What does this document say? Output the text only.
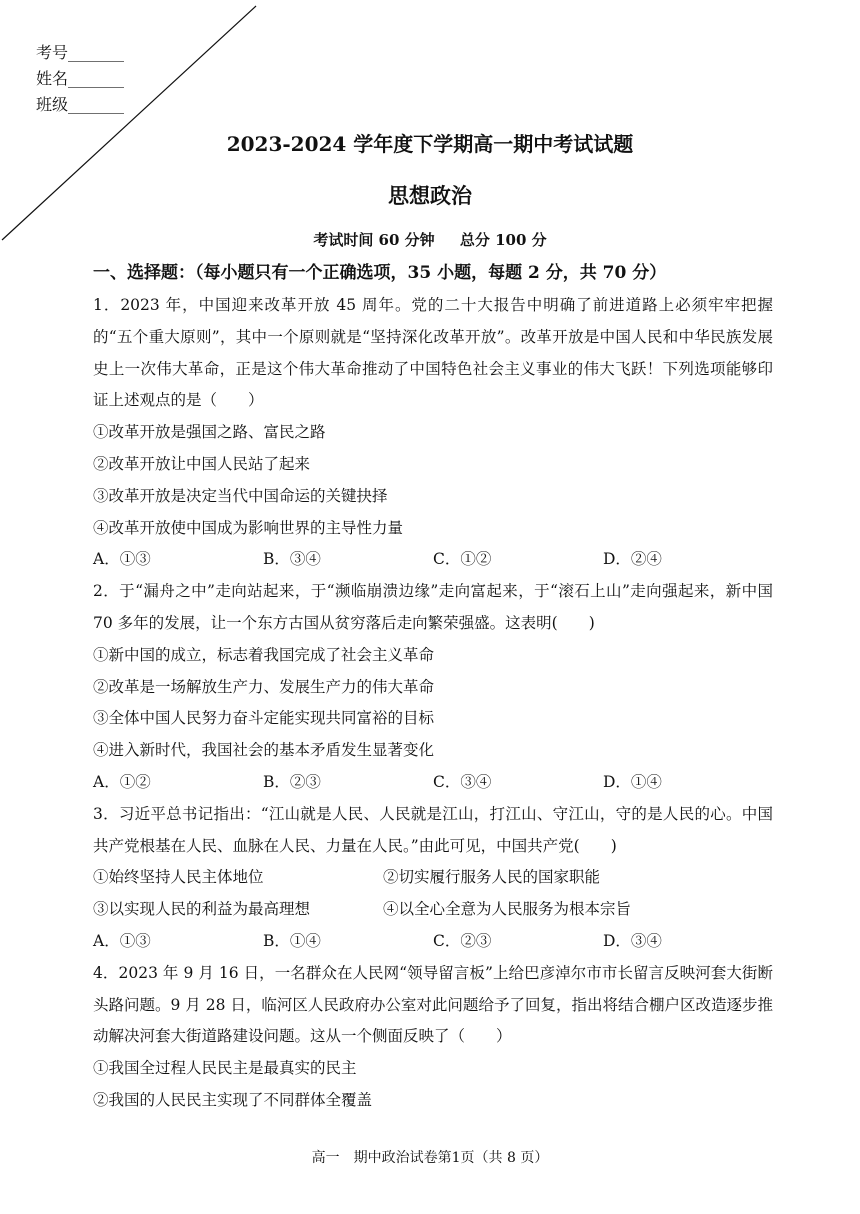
考号_______
姓名_______
班级_______
2023-2024 学年度下学期高一期中考试试题
思想政治
考试时间 60 分钟 总分 100 分
一、选择题：（每小题只有一个正确选项，35 小题，每题 2 分，共 70 分）

1．2023 年，中国迎来改革开放 45 周年。党的二十大报告中明确了前进道路上必须牢牢把握的“五个重大原则”，其中一个原则就是“坚持深化改革开放”。改革开放是中国人民和中华民族发展史上一次伟大革命，正是这个伟大革命推动了中国特色社会主义事业的伟大飞跃！下列选项能够印证上述观点的是（　　）

①改革开放是强国之路、富民之路

②改革开放让中国人民站了起来

③改革开放是决定当代中国命运的关键抉择

④改革开放使中国成为影响世界的主导性力量

A．①③	B．③④	C．①②	D．②④

2．于“漏舟之中”走向站起来，于“濒临崩溃边缘”走向富起来，于“滚石上山”走向强起来，新中国 70 多年的发展，让一个东方古国从贫穷落后走向繁荣强盛。这表明(　　)

①新中国的成立，标志着我国完成了社会主义革命

②改革是一场解放生产力、发展生产力的伟大革命

③全体中国人民努力奋斗定能实现共同富裕的目标

④进入新时代，我国社会的基本矛盾发生显著变化

A．①②	B．②③	C．③④	D．①④

3．习近平总书记指出：“江山就是人民、人民就是江山，打江山、守江山，守的是人民的心。中国共产党根基在人民、血脉在人民、力量在人民。”由此可见，中国共产党(　　)

①始终坚持人民主体地位	②切实履行服务人民的国家职能
③以实现人民的利益为最高理想	④以全心全意为人民服务为根本宗旨
A．①③	B．①④	C．②③	D．③④

4．2023 年 9 月 16 日，一名群众在人民网“领导留言板”上给巴彦淖尔市市长留言反映河套大街断头路问题。9 月 28 日，临河区人民政府办公室对此问题给予了回复，指出将结合棚户区改造逐步推动解决河套大街道路建设问题。这从一个侧面反映了（　　）

①我国全过程人民民主是最真实的民主

②我国的人民民主实现了不同群体全覆盖

高一　期中政治试卷第1页（共 8 页）
